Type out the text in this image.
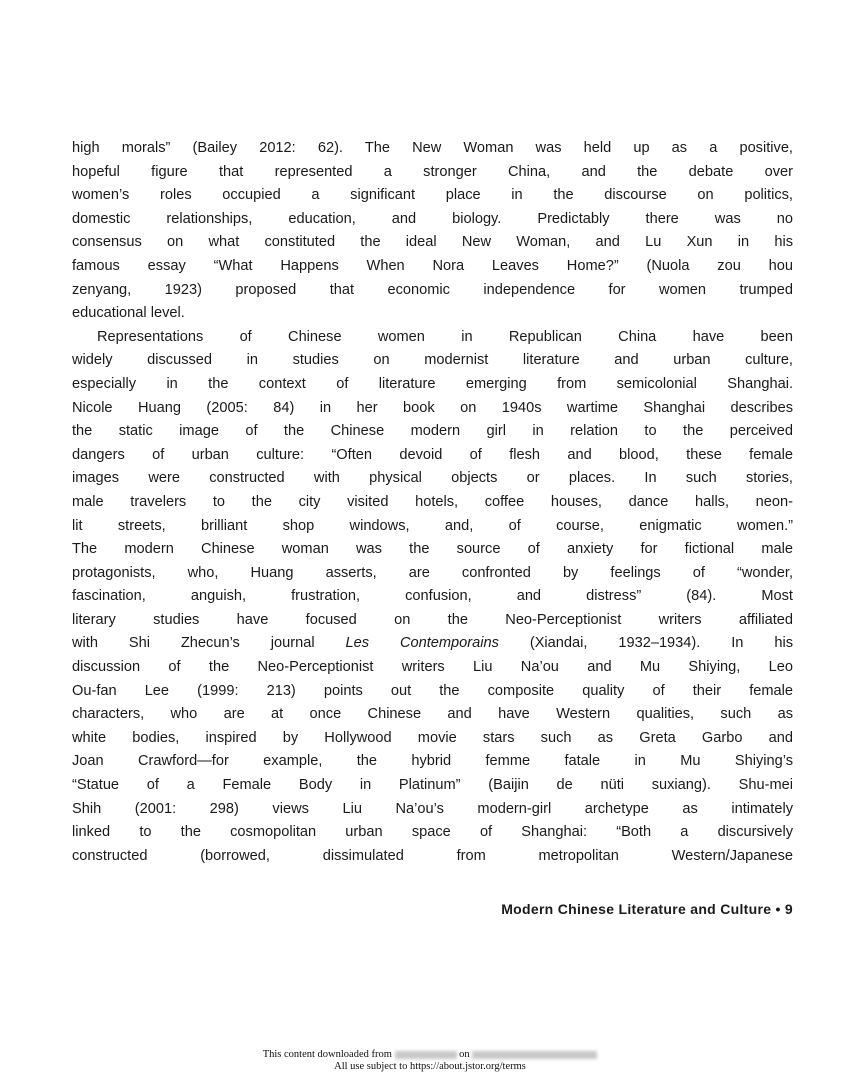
high morals” (Bailey 2012: 62). The New Woman was held up as a positive,
hopeful figure that represented a stronger China, and the debate over
women’s roles occupied a significant place in the discourse on politics,
domestic relationships, education, and biology. Predictably there was no
consensus on what constituted the ideal New Woman, and Lu Xun in his
famous essay “What Happens When Nora Leaves Home?” (Nuola zou hou
zenyang, 1923) proposed that economic independence for women trumped
educational level.
Representations of Chinese women in Republican China have been
widely discussed in studies on modernist literature and urban culture,
especially in the context of literature emerging from semicolonial Shanghai.
Nicole Huang (2005: 84) in her book on 1940s wartime Shanghai describes
the static image of the Chinese modern girl in relation to the perceived
dangers of urban culture: “Often devoid of flesh and blood, these female
images were constructed with physical objects or places. In such stories,
male travelers to the city visited hotels, coffee houses, dance halls, neon-
lit streets, brilliant shop windows, and, of course, enigmatic women.”
The modern Chinese woman was the source of anxiety for fictional male
protagonists, who, Huang asserts, are confronted by feelings of “wonder,
fascination, anguish, frustration, confusion, and distress” (84). Most
literary studies have focused on the Neo-Perceptionist writers affiliated
with Shi Zhecun’s journal Les Contemporains (Xiandai, 1932–1934). In his
discussion of the Neo-Perceptionist writers Liu Na’ou and Mu Shiying, Leo
Ou-fan Lee (1999: 213) points out the composite quality of their female
characters, who are at once Chinese and have Western qualities, such as
white bodies, inspired by Hollywood movie stars such as Greta Garbo and
Joan Crawford—for example, the hybrid femme fatale in Mu Shiying’s
“Statue of a Female Body in Platinum” (Baijin de nüti suxiang). Shu-mei
Shih (2001: 298) views Liu Na’ou’s modern-girl archetype as intimately
linked to the cosmopolitan urban space of Shanghai: “Both a discursively
constructed (borrowed, dissimulated from metropolitan Western/Japanese
Modern Chinese Literature and Culture • 9
This content downloaded from	on
All use subject to https://about.jstor.org/terms
